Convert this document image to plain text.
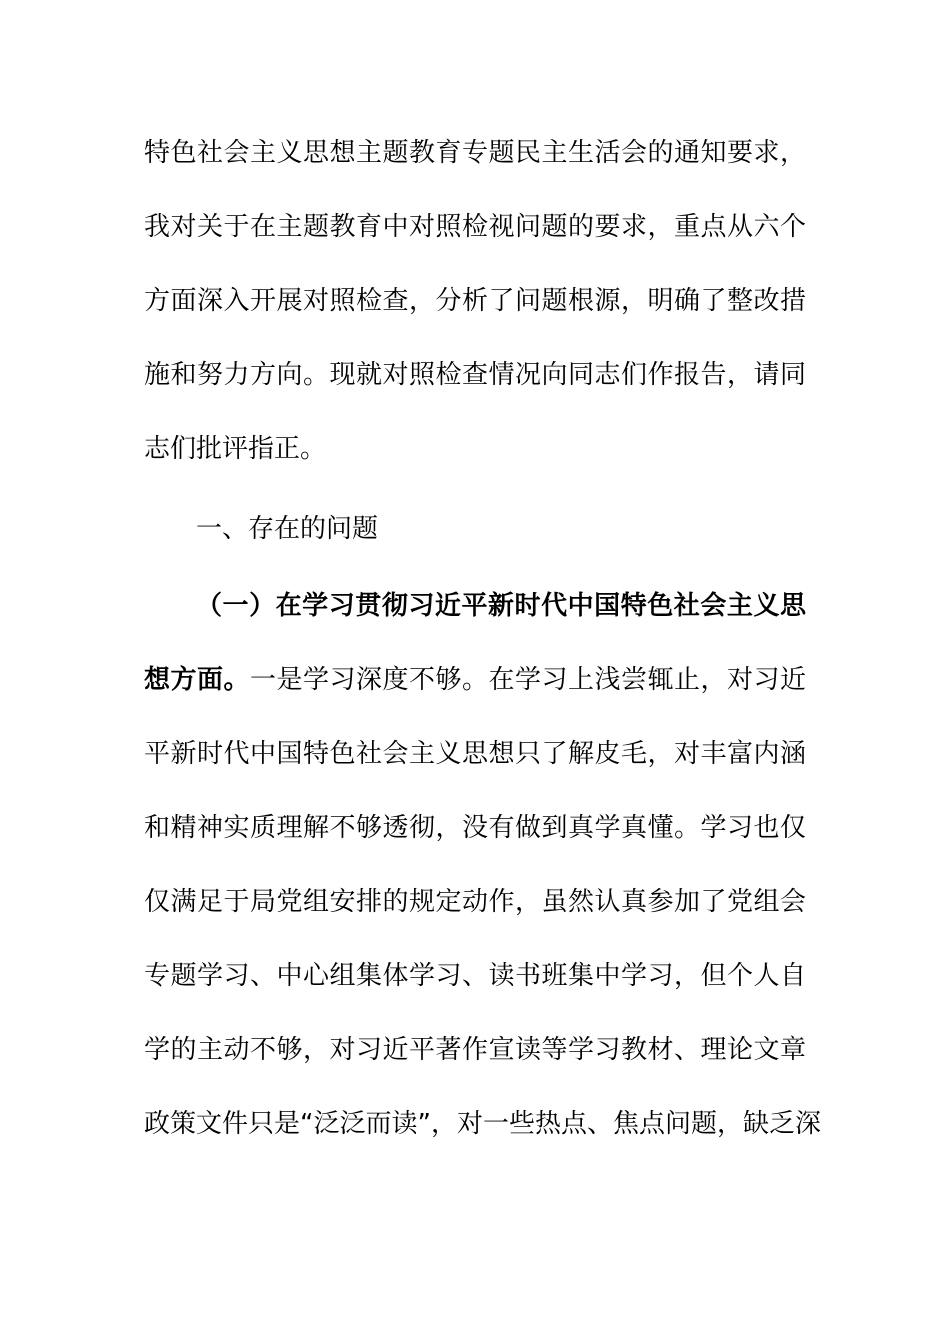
特色社会主义思想主题教育专题民主生活会的通知要求，
我对关于在主题教育中对照检视问题的要求，重点从六个
方面深入开展对照检查，分析了问题根源，明确了整改措
施和努力方向。现就对照检查情况向同志们作报告，请同
志们批评指正。
一、存在的问题
（一）在学习贯彻习近平新时代中国特色社会主义思
想方面。一是学习深度不够。在学习上浅尝辄止，对习近
平新时代中国特色社会主义思想只了解皮毛，对丰富内涵
和精神实质理解不够透彻，没有做到真学真懂。学习也仅
仅满足于局党组安排的规定动作，虽然认真参加了党组会
专题学习、中心组集体学习、读书班集中学习，但个人自
学的主动不够，对习近平著作宣读等学习教材、理论文章
政策文件只是“泛泛而读”，对一些热点、焦点问题，缺乏深
